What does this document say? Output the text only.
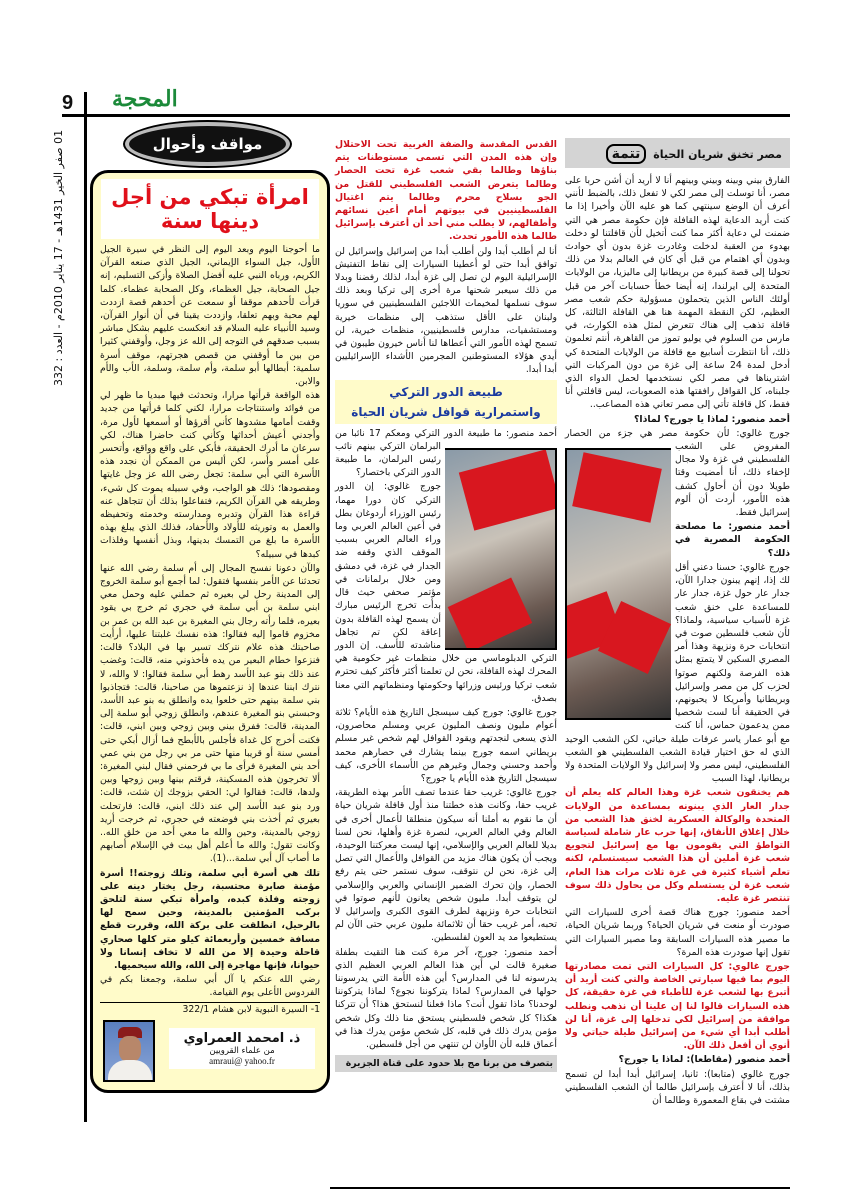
9 المحجة
01 صفر الخير 1431هـ - 17 يناير 2010م - العدد : 332
مصر تخنق شريان الحياة تتمة

الفارق بيني وبينه وبيني وبينهم أنا لا أريد أن أشن حربا على مصر، أنا توسلت إلى مصر لكي لا تفعل ذلك، بالضبط لأنني أعرف أن الوضع سينتهي كما هو عليه الآن وأخيرا إذا ما كنت أريد الدعاية لهذه القافلة فإن حكومة مصر هي التي ضمنت لي دعاية أكثر مما كنت أتخيل لأن قافلتنا لو دخلت بهدوء من العقبة لدخلت وغادرت غزة بدون أي حوادث وبدون أي اهتمام من قبل أي كان في العالم بدلا من ذلك تحولنا إلى قصة كبيرة من بريطانيا إلى ماليزيا، من الولايات المتحدة إلى ايرلندا، إنه أيضا خطأ حسابات آخر من قبل أولئك الناس الذين يتحملون مسؤولية حكم شعب مصر العظيم، لكن النقطة المهمة هنا هي القافلة الثالثة، كل قافلة تذهب إلى هناك تتعرض لمثل هذه الكوارث، في مارس من السلوم في يوليو تموز من القاهرة، أنتم تعلمون ذلك، أنا انتظرت أسابيع مع قافلة من الولايات المتحدة كي أدخل لمدة 24 ساعة إلى غزة من دون المركبات التي اشتريناها في مصر لكي نستخدمها لحمل الدواء الذي جلبناه، كل القوافل رافقتها هذه الصعوبات، ليس قافلتي أنا فقط، كل قافلة تأتي إلى مصر تعاني هذه المصاعب..

أحمد منصور: لماذا يا جورج؟ لماذا؟

جورج غالوي: لأن حكومة مصر هي جزء من الحصار المفروض على الشعب الفلسطيني في غزة ولا مجال لإخفاء ذلك، أنا أمضيت وقتا طويلا دون أن أحاول كشف هذه الأمور، أردت أن ألوم إسرائيل فقط.

أحمد منصور: ما مصلحة الحكومة المصرية في ذلك؟

جورج غالوي: حسنا دعني أقل لك إذا، إنهم يبنون جدارا الآن، جدار عار حول غزة، جدار عار للمساعدة على خنق شعب غزة لأسباب سياسية، ولماذا؟ لأن شعب فلسطين صوت في انتخابات حرة ونزيهة وهذا أمر المصري السكين لا يتمتع بمثل هذه الفرصة ولكنهم صوتوا لحزب كل من مصر وإسرائيل وبريطانيا وأمريكا لا يحبونهم، في الحقيقة أنا لست شخصيا ممن يدعمون حماس، أنا كنت مع أبو عمار ياسر عرفات طيلة حياتي، لكن الشعب الوحيد الذي له حق اختيار قيادة الشعب الفلسطيني هو الشعب الفلسطيني، ليس مصر ولا إسرائيل ولا الولايات المتحدة ولا بريطانيا، لهذا السبب

هم يخنقون شعب غزة وهذا العالم كله يعلم أن جدار العار الذي يبنونه بمساعدة من الولايات المتحدة والوكالة العسكرية لخنق هذا الشعب من خلال إغلاق الأنفاق، إنها حرب عار شاملة لسياسة التواطؤ التي يقومون بها مع إسرائيل لتجويع شعب غزة أملين أن هذا الشعب سيستسلم، لكنه تعلم أشياء كثيرة في غزة ثلاث مرات هذا العام، شعب غزة لن يستسلم وكل من يحاول ذلك سوف تنتصر غزة عليه.

أحمد منصور: جورج هناك قصة أخرى للسيارات التي صودرت أو منعت في شريان الحياة؟ وربما شريان الحياة، ما مصير هذه السيارات السابقة وما مصير السيارات التي تقول إنها صودرت هذه المرة؟

جورج غالوي: كل السيارات التي تمت مصادرتها اليوم بما فيها سيارتي الخاصة والتي كنت أريد أن أتبرع بها لشعب غزة للأطباء في غزة حقيقة، كل هذه السيارات قالوا لنا إن علينا أن نذهب ونطلب موافقة من إسرائيل لكي تدخلها إلى غزة، أنا لن أطلب أبدا أي شيء من إسرائيل طيلة حياتي ولا أنوي أن أفعل ذلك الآن.

أحمد منصور (مقاطعا): لماذا يا جورج؟

جورج غالوي (متابعا): ثانيا، إسرائيل أبدا أبدا لن تسمح بذلك، أنا لا أعترف بإسرائيل طالما أن الشعب الفلسطيني مشتت في بقاع المعمورة وطالما أن

القدس المقدسة والضفة الغربية تحت الاحتلال وإن هذه المدن التي تسمى مستوطنات يتم بناؤها وطالما بقي شعب غزة تحت الحصار وطالما يتعرض الشعب الفلسطيني للقتل من الجو بسلاح محرم وطالما يتم اغتيال الفلسطينيين في بيوتهم أمام أعين نسائهم وأطفالهم، لا يطلب مني أحد أن أعترف بإسرائيل طالما هذه الأمور تحدث.

أنا لم أطلب أبدا ولن أطلب أبدا من إسرائيل وإسرائيل لن توافق أبدا حتى لو أعطينا السيارات إلى نقاط التفتيش الإسرائيلية اليوم لن تصل إلى غزة أبدا، لذلك رفضنا وبدلا من ذلك سيعبر شحنها مرة أخرى إلى تركيا وبعد ذلك سوف نسلمها لمخيمات اللاجئين الفلسطينيين في سوريا ولبنان على الأقل ستذهب إلى منظمات خيرية ومستشفيات، مدارس فلسطينيين، منظمات خيرية، لن تسمح لهذه الأمور التي أعطاها لنا أناس خيرون طيبون في أيدي هؤلاء المستوطنين المجرمين الأشداء الإسرائيليين أبدا أبدا.

طبيعة الدور التركي
واستمرارية قوافل شريان الحياة

أحمد منصور: ما طبيعة الدور التركي ومعكم 17 نائبا من البرلمان التركي بينهم نائب رئيس البرلمان، ما طبيعة الدور التركي باختصار؟

جورج غالوي: إن الدور التركي كان دورا مهما، رئيس الوزراء أردوغان بطل في أعين العالم العربي وما وراء العالم العربي بسبب الموقف الذي وقفه ضد الجدار في غزة، في دمشق ومن خلال برلمانات في مؤتمر صحفي حيث قال بدأت تخرج الرئيس مبارك أن يسمح لهذه القافلة بدون إعاقة لكن تم تجاهل مناشدته للأسف. إن الدور التركي الدبلوماسي من خلال منظمات غير حكومية هي المحرك لهذه القافلة، نحن لن تعلمنا أكثر فأكثر كيف تحترم شعب تركيا ورئيس وزرائها وحكومتها ومنظماتهم التي معنا بصدق.

جورج غالوي: جورج كيف سيسجل التاريخ هذه الأيام؟ ثلاثة أعوام مليون ونصف المليون عربي ومسلم محاصرون، الذي يسعى لنجدتهم ويقود القوافل لهم شخص غير مسلم بريطاني اسمه جورج بينما يشارك في حصارهم محمد وأحمد وحسني وجمال وغيرهم من الأسماء الأخرى، كيف سيسجل التاريخ هذه الأيام يا جورج؟

جورج غالوي: غريب حقا عندما تصف الأمر بهذه الطريقة، غريب حقا، وكانت هذه خطتنا منذ أول قافلة شريان حياة أن ما نقوم به أملنا أنه سيكون منطلقا لأعمال أخرى في العالم وفي العالم العربي، لنصرة غزة وأهلها، نحن لسنا بديلا للعالم العربي والإسلامي، إنها ليست معركتنا الوحيدة، ويجب أن يكون هناك مزيد من القوافل والأعمال التي تصل إلى غزة، نحن لن نتوقف، سوف نستمر حتى يتم رفع الحصار، وإن تحرك الضمير الإنساني والعربي والإسلامي لن يتوقف أبدا. مليون شخص يعانون لأنهم صوتوا في انتخابات حرة ونزيهة لطرف القوى الكبرى وإسرائيل لا تحبه، أمر غريب حقا أن ثلاثمائة مليون عربي حتى الآن لم يستطيعوا مد يد العون لفلسطين.

أحمد منصور: جورج، آخر مرة كنت هنا التقيت بطفلة صغيرة قالت لي أين هذا العالم العربي العظيم الذي يدرسونه لنا في المدارس؟ أين هذه الأمة التي يدرسوننا حولها في المدارس؟ لماذا يتركوننا نجوع؟ لماذا يتركوننا لوحدنا؟ ماذا تقول أنت؟ ماذا فعلنا لنستحق هذا؟ أن تتركنا هكذا؟ كل شخص فلسطيني يستحق منا ذلك وكل شخص مؤمن يدرك ذلك في قلبه، كل شخص مؤمن يدرك هذا في أعماق قلبه لأن الأوان لن تنتهي من أجل فلسطين.

بتصرف من برنا مج بلا حدود على قناة الجزيرة
مواقف وأحوال
امرأة تبكي من أجل دينها سنة

ما أحوجنا اليوم وبعد اليوم إلى النظر في سيرة الجيل الأول، جيل السواء الإيماني، الجيل الذي صنعه القرآن الكريم، ورباه النبي عليه أفضل الصلاة وأزكى التسليم، إنه جيل الصحابة، جيل العظماء، وكل الصحابة عظماء. كلما قرأت لأحدهم موقفا أو سمعت عن أحدهم قصة ازددت لهم محبة وبهم تعلقا، وازددت يقينا في أن أنوار القرآن، وسيد الأنبياء عليه السلام قد انعكست عليهم بشكل مباشر بسبب صدقهم في التوجه إلى الله عز وجل، وأوقفني كثيرا من بين ما أوقفني من قصص هجرتهم، موقف أسرة سلمية: أبطالها أبو سلمة، وأم سلمة، وسلمة، الأب والأم والابن.

هذه الواقعة قرأتها مرارا، وتحدثت فيها مبديا ما ظهر لي من فوائد واستنتاجات مرارا، لكني كلما قرأتها من جديد وقفت أمامها مشدوها كأني أقرؤها أو أسمعها لأول مرة، وأجدني أعيش أحداثها وكأني كنت حاضرا هناك، لكي سرعان ما أدرك الحقيقة، فأبكي على واقع وواقع، وأتحسر على أمسر وأسر، لكن أليس من الممكن أن نجدد هذه الأسرة التي أبي سلمة: تجعل رضى الله عز وجل غايتها ومقصودها؛ ذلك هو الواجب، وفي سبيله يموت كل شيء، وطريقه هي القرآن الكريم، فتفاعلوا بذلك أن تتجاهل عنه قراءة هذا القرآن وتدبره ومدارسته وخدمته وتحفيظه والعمل به وتوريثه للأولاد والأحفاد، فذلك الذي يبلغ بهذه الأسرة ما بلغ من التمسك بدينها، وبذل أنفسها وفلذات كبدها في سبيله؟

والآن دعونا نفسح المجال إلى أم سلمة رضي الله عنها تحدثنا عن الأمر بنفسها فتقول: لما أجمع أبو سلمة الخروج إلى المدينة رحل لي بعيره ثم حملني عليه وحمل معي ابني سلمة بن أبي سلمة في حجري ثم خرج بي يقود بعيره، فلما رأته رجال بني المغيرة بن عبد الله بن عمر بن مخزوم قاموا إليه فقالوا: هذه نفسك غلبتنا عليها، أرأيت صاحبتك هذه علام نتركك تسير بها في البلاد؟ قالت: فنزعوا خطام البعير من يده فأخذوني منه، قالت: وغضب عند ذلك بنو عبد الأسد رهط أبي سلمة فقالوا: لا والله، لا نترك ابننا عندها إذ نزعتموها من صاحبنا، قالت: فتجاذبوا بني سلمة بينهم حتى خلعوا يده وانطلق به بنو عبد الأسد، وحبسني بنو المغيرة عندهم، وانطلق زوجي أبو سلمة إلى المدينة، قالت: ففرق بيني وبين زوجي وبين ابني، قالت: فكنت أخرج كل غداة فأجلس بالأبطح فما أزال أبكي حتى أمسي سنة أو قريبا منها حتى مر بي رجل من بني عمي أحد بني المغيرة فرأى ما بي فرحمني فقال لبني المغيرة: ألا تخرجون هذه المسكينة، فرقتم بينها وبين زوجها وبين ولدها، قالت: فقالوا لي: الحقي بزوجك إن شئت، قالت: ورد بنو عبد الأسد إلي عند ذلك ابني، قالت: فارتحلت بعيري ثم أخذت بني فوضعته في حجري، ثم خرجت أريد زوجي بالمدينة، وحين والله ما معي أحد من خلق الله.. وكانت تقول: والله ما أعلم أهل بيت في الإسلام أصابهم ما أصاب آل أبي سلمة...(1).

تلك هي أسرة أبي سلمة، وتلك زوجته!! أسرة مؤمنة صابرة محتسبة، رجل يختار دينه على زوجته وفلذة كبده، وامرأة تبكي سنة لتلحق بركب المؤمنين بالمدينة، وحين سمح لها بالرحيل، انطلقت على بركة الله، وقررت قطع مسافة خمسين وأربعمائة كيلو متر كلها صحاري قاحلة وحيدة إلا من الله لا تخاف إنسانا ولا حيوانا، فإنها مهاجرة إلى الله، والله سيحميها.

رضي الله عنكم يا آل أبي سلمة، وجمعنا بكم في الفردوس الأعلى يوم القيامة.

1- السيرة النبوية لابن هشام 322/1

ذ. امحمد العمراوي
من علماء القرويين
amraui@ yahoo.fr
